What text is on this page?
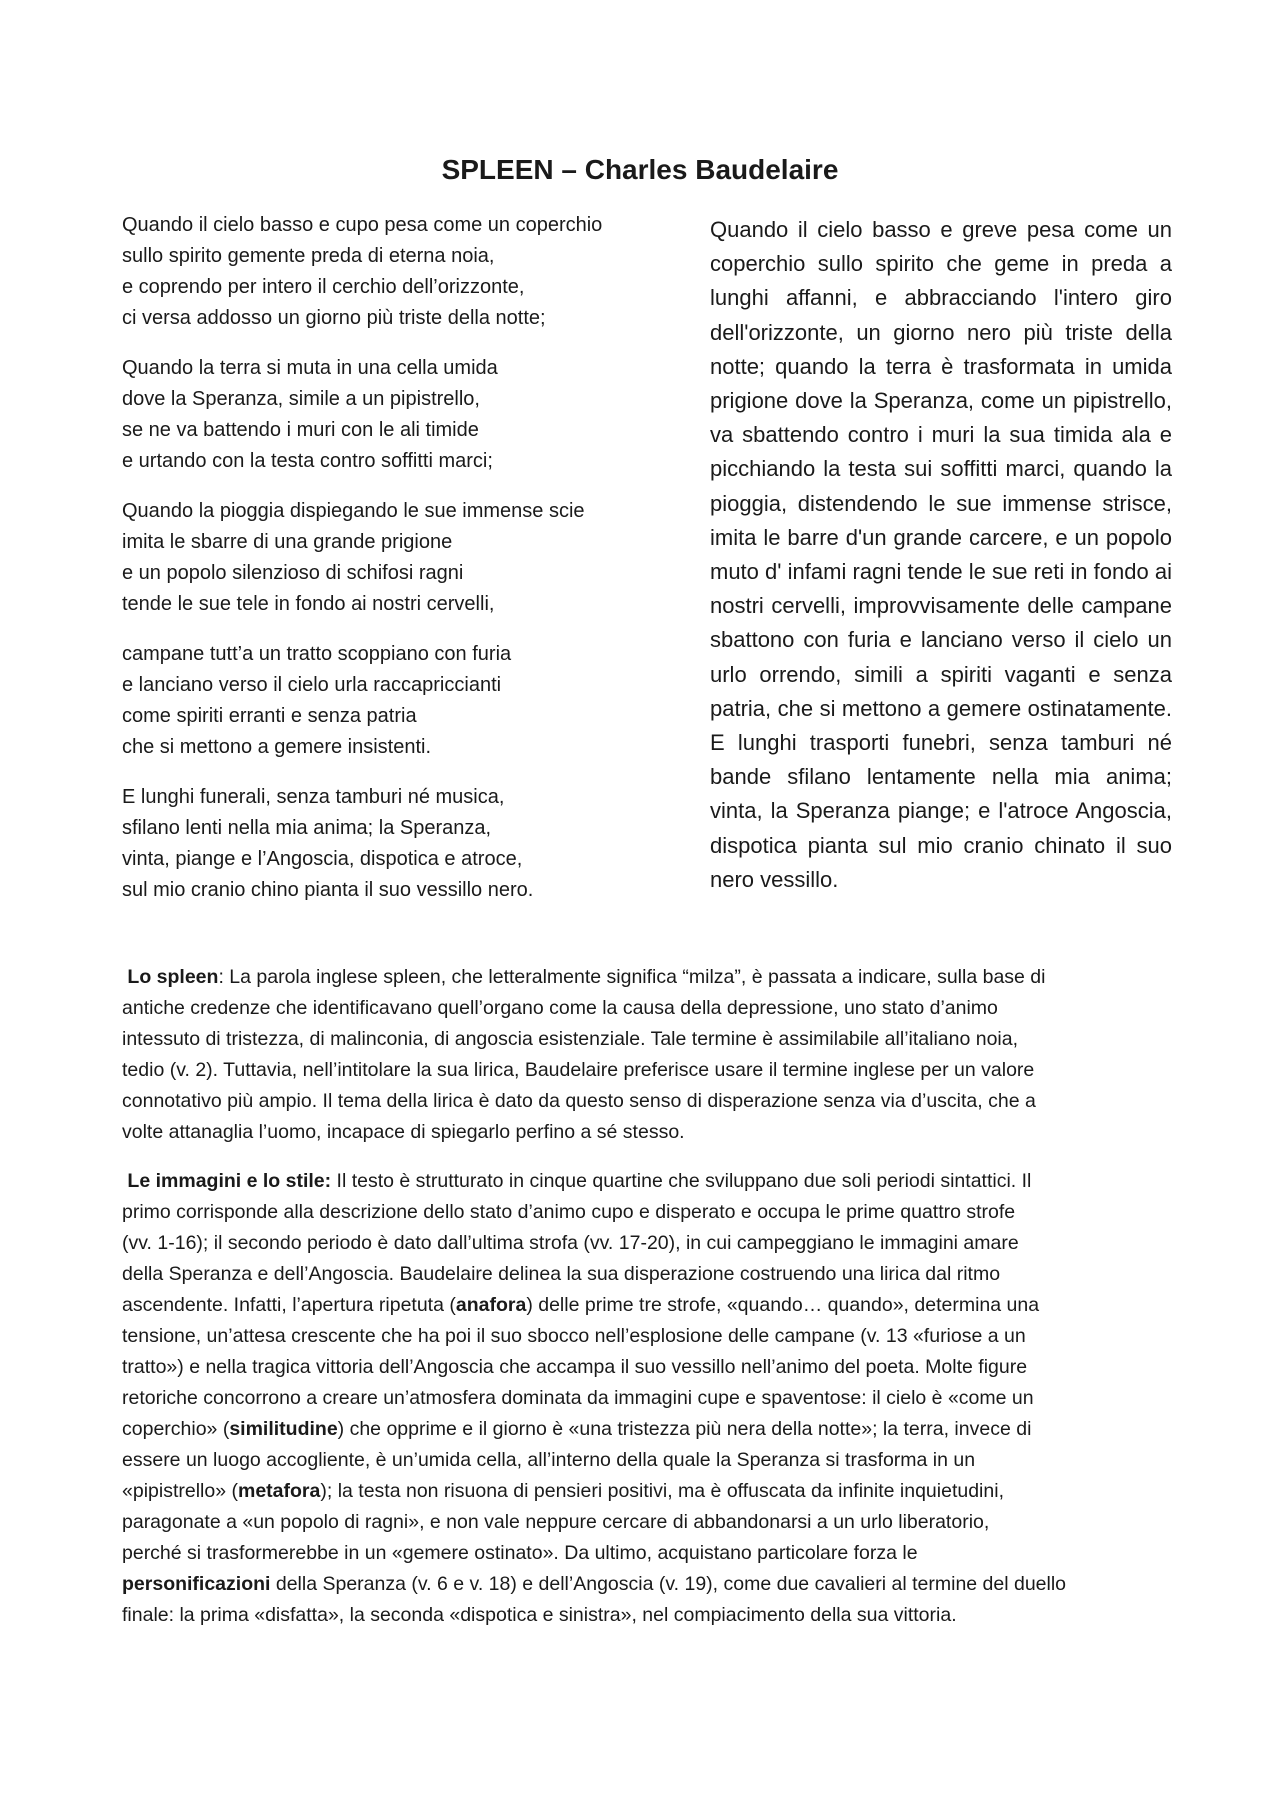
SPLEEN – Charles Baudelaire
Quando il cielo basso e cupo pesa come un coperchio
sullo spirito gemente preda di eterna noia,
e coprendo per intero il cerchio dell’orizzonte,
ci versa addosso un giorno più triste della notte;
Quando la terra si muta in una cella umida
dove la Speranza, simile a un pipistrello,
se ne va battendo i muri con le ali timide
e urtando con la testa contro soffitti marci;
Quando la pioggia dispiegando le sue immense scie
imita le sbarre di una grande prigione
e un popolo silenzioso di schifosi ragni
tende le sue tele in fondo ai nostri cervelli,
campane tutt’a un tratto scoppiano con furia
e lanciano verso il cielo urla raccapriccianti
come spiriti erranti e senza patria
che si mettono a gemere insistenti.
E lunghi funerali, senza tamburi né musica,
sfilano lenti nella mia anima; la Speranza,
vinta, piange e l’Angoscia, dispotica e atroce,
sul mio cranio chino pianta il suo vessillo nero.

Quando il cielo basso e greve pesa come un coperchio sullo spirito che geme in preda a lunghi affanni, e abbracciando l'intero giro dell'orizzonte, un giorno nero più triste della notte; quando la terra è trasformata in umida prigione dove la Speranza, come un pipistrello, va sbattendo contro i muri la sua timida ala e picchiando la testa sui soffitti marci, quando la pioggia, distendendo le sue immense strisce, imita le barre d'un grande carcere, e un popolo muto d' infami ragni tende le sue reti in fondo ai nostri cervelli, improvvisamente delle campane sbattono con furia e lanciano verso il cielo un urlo orrendo, simili a spiriti vaganti e senza patria, che si mettono a gemere ostinatamente. E lunghi trasporti funebri, senza tamburi né bande sfilano lentamente nella mia anima; vinta, la Speranza piange; e l'atroce Angoscia, dispotica pianta sul mio cranio chinato il suo nero vessillo.

Lo spleen: La parola inglese spleen, che letteralmente significa “milza”, è passata a indicare, sulla base di
antiche credenze che identificavano quell’organo come la causa della depressione, uno stato d’animo
intessuto di tristezza, di malinconia, di angoscia esistenziale. Tale termine è assimilabile all’italiano noia,
tedio (v. 2). Tuttavia, nell’intitolare la sua lirica, Baudelaire preferisce usare il termine inglese per un valore
connotativo più ampio. Il tema della lirica è dato da questo senso di disperazione senza via d’uscita, che a
volte attanaglia l’uomo, incapace di spiegarlo perfino a sé stesso.

Le immagini e lo stile: Il testo è strutturato in cinque quartine che sviluppano due soli periodi sintattici. Il
primo corrisponde alla descrizione dello stato d’animo cupo e disperato e occupa le prime quattro strofe
(vv. 1-16); il secondo periodo è dato dall’ultima strofa (vv. 17-20), in cui campeggiano le immagini amare
della Speranza e dell’Angoscia. Baudelaire delinea la sua disperazione costruendo una lirica dal ritmo
ascendente. Infatti, l’apertura ripetuta (anafora) delle prime tre strofe, «quando… quando», determina una
tensione, un’attesa crescente che ha poi il suo sbocco nell’esplosione delle campane (v. 13 «furiose a un
tratto») e nella tragica vittoria dell’Angoscia che accampa il suo vessillo nell’animo del poeta. Molte figure
retoriche concorrono a creare un’atmosfera dominata da immagini cupe e spaventose: il cielo è «come un
coperchio» (similitudine) che opprime e il giorno è «una tristezza più nera della notte»; la terra, invece di
essere un luogo accogliente, è un’umida cella, all’interno della quale la Speranza si trasforma in un
«pipistrello» (metafora); la testa non risuona di pensieri positivi, ma è offuscata da infinite inquietudini,
paragonate a «un popolo di ragni», e non vale neppure cercare di abbandonarsi a un urlo liberatorio,
perché si trasformerebbe in un «gemere ostinato». Da ultimo, acquistano particolare forza le
personificazioni della Speranza (v. 6 e v. 18) e dell’Angoscia (v. 19), come due cavalieri al termine del duello
finale: la prima «disfatta», la seconda «dispotica e sinistra», nel compiacimento della sua vittoria.
